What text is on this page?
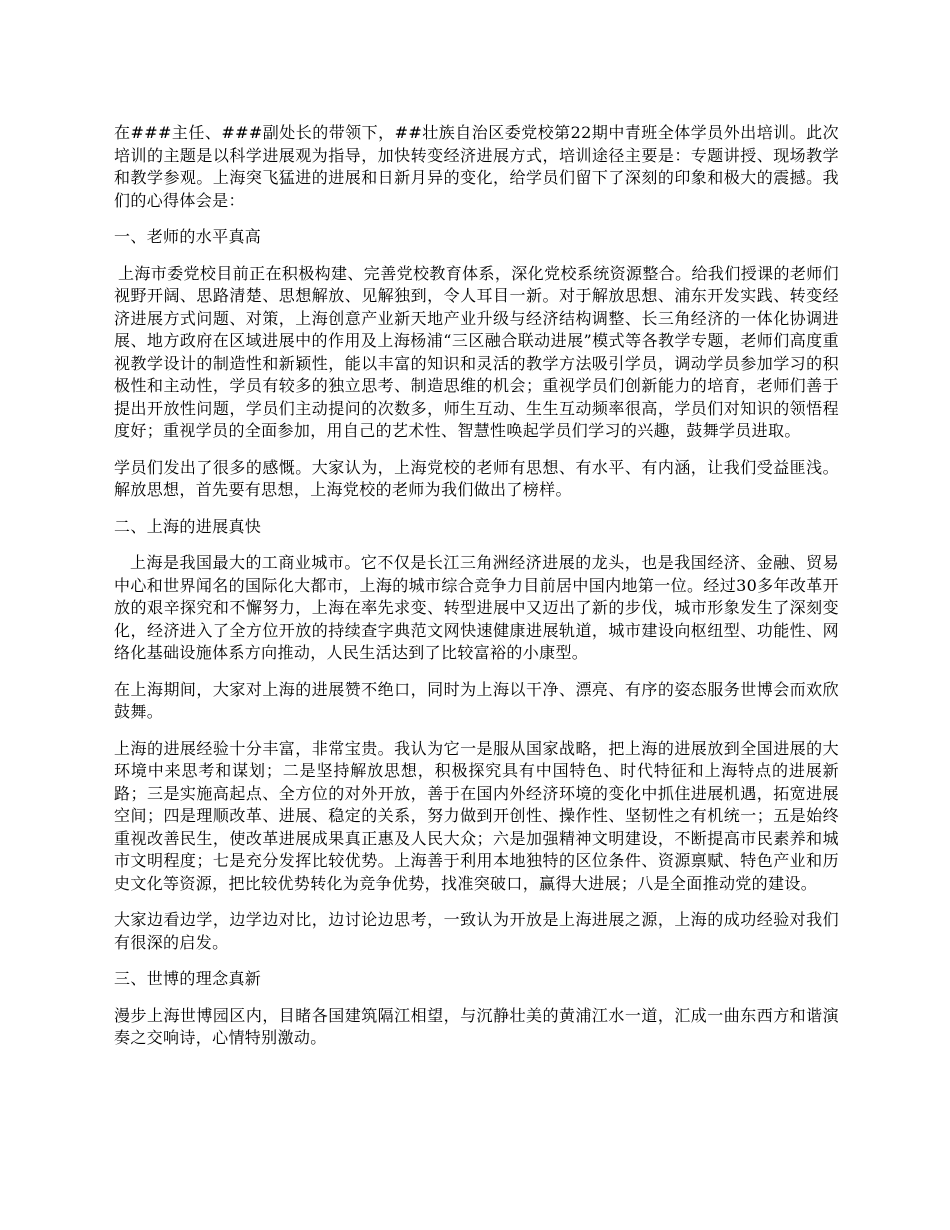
在###主任、###副处长的带领下，##壮族自治区委党校第22期中青班全体学员外出培训。此次培训的主题是以科学进展观为指导，加快转变经济进展方式，培训途径主要是：专题讲授、现场教学和教学参观。上海突飞猛进的进展和日新月异的变化，给学员们留下了深刻的印象和极大的震撼。我们的心得体会是：

一、老师的水平真高

上海市委党校目前正在积极构建、完善党校教育体系，深化党校系统资源整合。给我们授课的老师们视野开阔、思路清楚、思想解放、见解独到，令人耳目一新。对于解放思想、浦东开发实践、转变经济进展方式问题、对策，上海创意产业新天地产业升级与经济结构调整、长三角经济的一体化协调进展、地方政府在区域进展中的作用及上海杨浦“三区融合联动进展”模式等各教学专题，老师们高度重视教学设计的制造性和新颖性，能以丰富的知识和灵活的教学方法吸引学员，调动学员参加学习的积极性和主动性，学员有较多的独立思考、制造思维的机会；重视学员们创新能力的培育，老师们善于提出开放性问题，学员们主动提问的次数多，师生互动、生生互动频率很高，学员们对知识的领悟程度好；重视学员的全面参加，用自己的艺术性、智慧性唤起学员们学习的兴趣，鼓舞学员进取。

学员们发出了很多的感慨。大家认为，上海党校的老师有思想、有水平、有内涵，让我们受益匪浅。解放思想，首先要有思想，上海党校的老师为我们做出了榜样。

二、上海的进展真快

上海是我国最大的工商业城市。它不仅是长江三角洲经济进展的龙头，也是我国经济、金融、贸易中心和世界闻名的国际化大都市，上海的城市综合竞争力目前居中国内地第一位。经过30多年改革开放的艰辛探究和不懈努力，上海在率先求变、转型进展中又迈出了新的步伐，城市形象发生了深刻变化，经济进入了全方位开放的持续查字典范文网快速健康进展轨道，城市建设向枢纽型、功能性、网络化基础设施体系方向推动，人民生活达到了比较富裕的小康型。

在上海期间，大家对上海的进展赞不绝口，同时为上海以干净、漂亮、有序的姿态服务世博会而欢欣鼓舞。

上海的进展经验十分丰富，非常宝贵。我认为它一是服从国家战略，把上海的进展放到全国进展的大环境中来思考和谋划；二是坚持解放思想，积极探究具有中国特色、时代特征和上海特点的进展新路；三是实施高起点、全方位的对外开放，善于在国内外经济环境的变化中抓住进展机遇，拓宽进展空间；四是理顺改革、进展、稳定的关系，努力做到开创性、操作性、坚韧性之有机统一；五是始终重视改善民生，使改革进展成果真正惠及人民大众；六是加强精神文明建设，不断提高市民素养和城市文明程度；七是充分发挥比较优势。上海善于利用本地独特的区位条件、资源禀赋、特色产业和历史文化等资源，把比较优势转化为竞争优势，找准突破口，赢得大进展；八是全面推动党的建设。

大家边看边学，边学边对比，边讨论边思考，一致认为开放是上海进展之源，上海的成功经验对我们有很深的启发。

三、世博的理念真新

漫步上海世博园区内，目睹各国建筑隔江相望，与沉静壮美的黄浦江水一道，汇成一曲东西方和谐演奏之交响诗，心情特别激动。
